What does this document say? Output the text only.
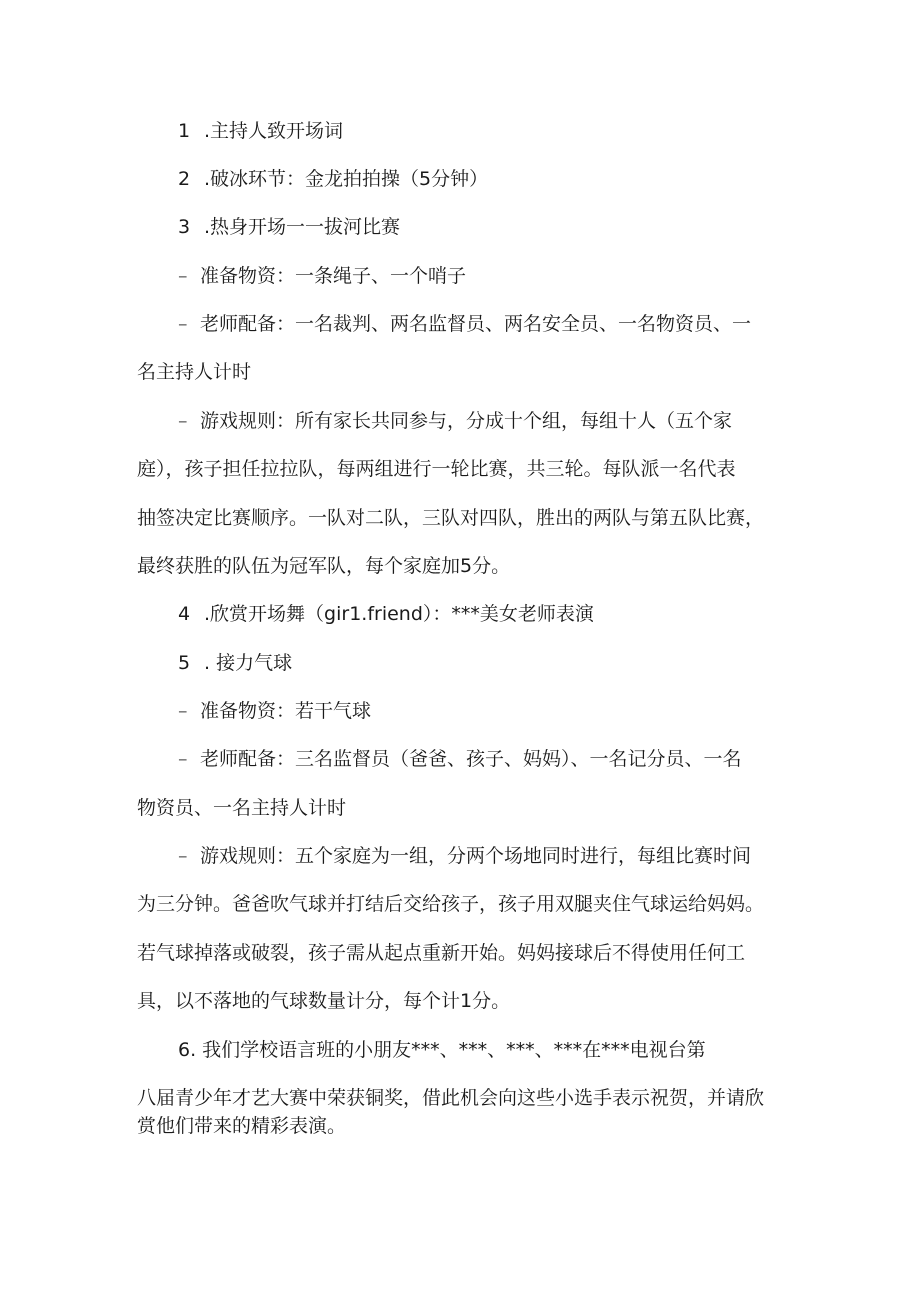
1 .主持人致开场词
2 .破冰环节：金龙拍拍操（5分钟）
3 .热身开场一一拔河比赛
– 准备物资：一条绳子、一个哨子
– 老师配备：一名裁判、两名监督员、两名安全员、一名物资员、一
名主持人计时
– 游戏规则：所有家长共同参与，分成十个组，每组十人（五个家
庭），孩子担任拉拉队，每两组进行一轮比赛，共三轮。每队派一名代表
抽签决定比赛顺序。一队对二队，三队对四队，胜出的两队与第五队比赛，
最终获胜的队伍为冠军队，每个家庭加5分。
4 .欣赏开场舞（gir1.friend）：***美女老师表演
5 . 接力气球
– 准备物资：若干气球
– 老师配备：三名监督员（爸爸、孩子、妈妈）、一名记分员、一名
物资员、一名主持人计时
– 游戏规则：五个家庭为一组，分两个场地同时进行，每组比赛时间
为三分钟。爸爸吹气球并打结后交给孩子，孩子用双腿夹住气球运给妈妈。
若气球掉落或破裂，孩子需从起点重新开始。妈妈接球后不得使用任何工
具，以不落地的气球数量计分，每个计1分。
6. 我们学校语言班的小朋友***、***、***、***在***电视台第
八届青少年才艺大赛中荣获铜奖，借此机会向这些小选手表示祝贺，并请欣
赏他们带来的精彩表演。
